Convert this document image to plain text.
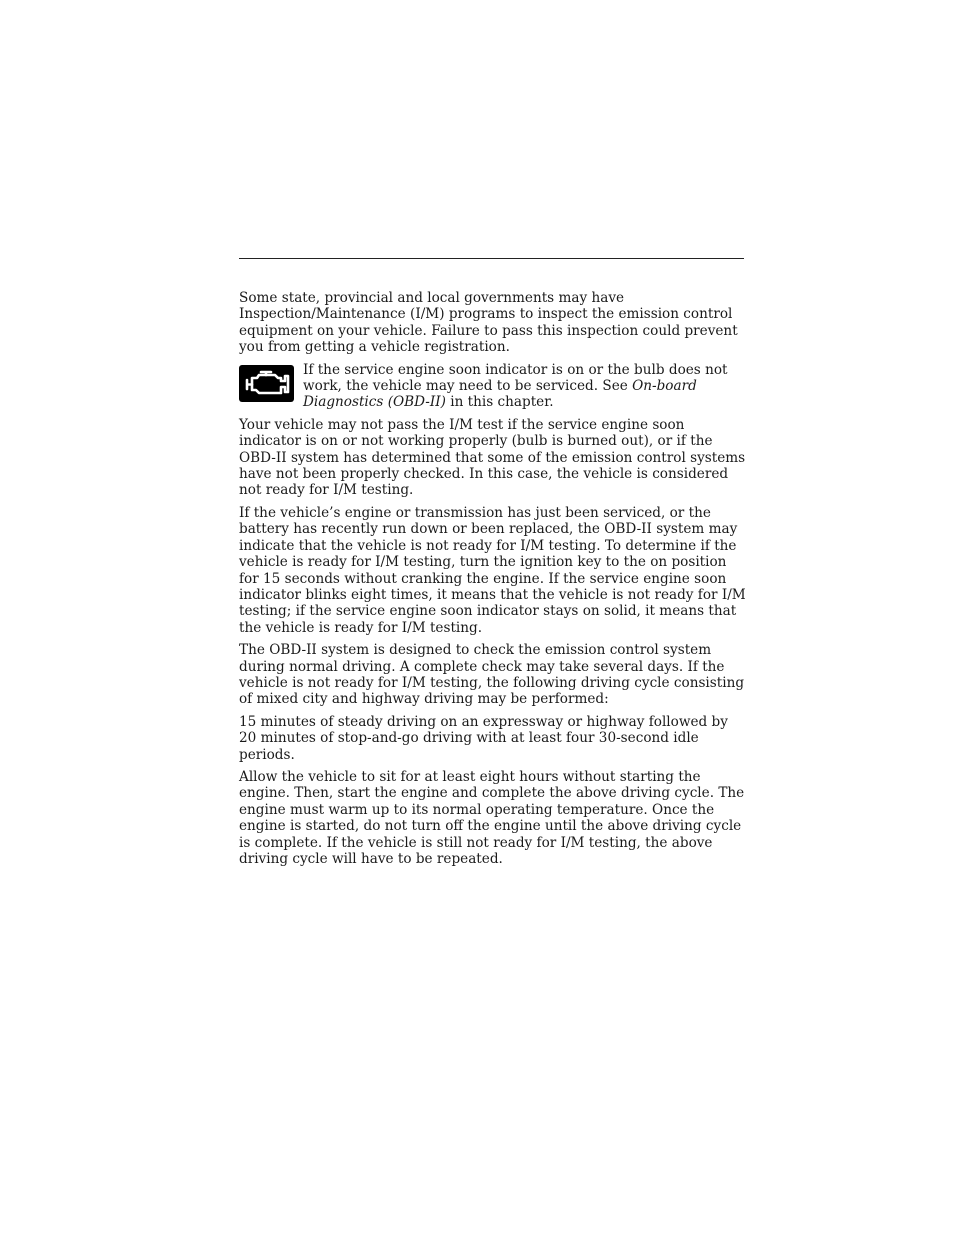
Some state, provincial and local governments may have
Inspection/Maintenance (I/M) programs to inspect the emission control
equipment on your vehicle. Failure to pass this inspection could prevent
you from getting a vehicle registration.

If the service engine soon indicator is on or the bulb does not
work, the vehicle may need to be serviced. See On-board
Diagnostics (OBD-II) in this chapter.

Your vehicle may not pass the I/M test if the service engine soon
indicator is on or not working properly (bulb is burned out), or if the
OBD-II system has determined that some of the emission control systems
have not been properly checked. In this case, the vehicle is considered
not ready for I/M testing.

If the vehicle’s engine or transmission has just been serviced, or the
battery has recently run down or been replaced, the OBD-II system may
indicate that the vehicle is not ready for I/M testing. To determine if the
vehicle is ready for I/M testing, turn the ignition key to the on position
for 15 seconds without cranking the engine. If the service engine soon
indicator blinks eight times, it means that the vehicle is not ready for I/M
testing; if the service engine soon indicator stays on solid, it means that
the vehicle is ready for I/M testing.

The OBD-II system is designed to check the emission control system
during normal driving. A complete check may take several days. If the
vehicle is not ready for I/M testing, the following driving cycle consisting
of mixed city and highway driving may be performed:

15 minutes of steady driving on an expressway or highway followed by
20 minutes of stop-and-go driving with at least four 30-second idle
periods.

Allow the vehicle to sit for at least eight hours without starting the
engine. Then, start the engine and complete the above driving cycle. The
engine must warm up to its normal operating temperature. Once the
engine is started, do not turn off the engine until the above driving cycle
is complete. If the vehicle is still not ready for I/M testing, the above
driving cycle will have to be repeated.
